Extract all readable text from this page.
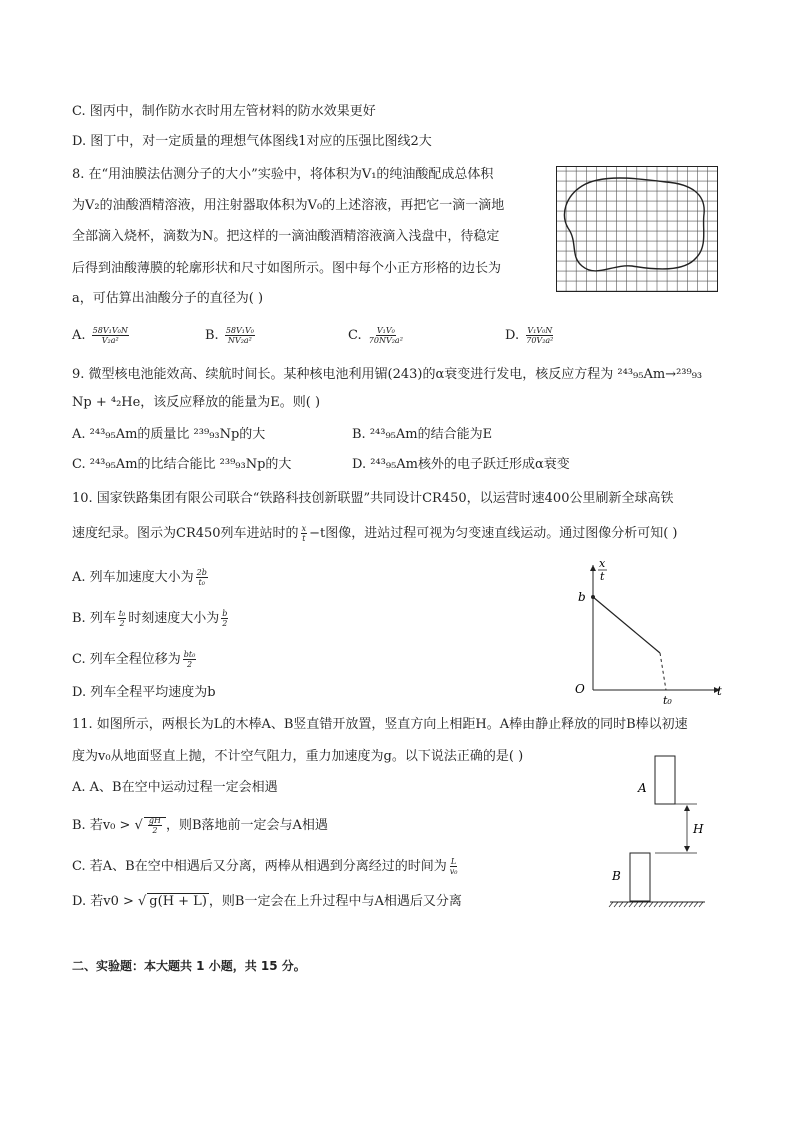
C. 图丙中，制作防水衣时用左管材料的防水效果更好
D. 图丁中，对一定质量的理想气体图线1对应的压强比图线2大
8. 在“用油膜法估测分子的大小”实验中，将体积为V₁的纯油酸配成总体积
为V₂的油酸酒精溶液，用注射器取体积为V₀的上述溶液，再把它一滴一滴地
全部滴入烧杯，滴数为N。把这样的一滴油酸酒精溶液滴入浅盘中，待稳定
后得到油酸薄膜的轮廓形状和尺寸如图所示。图中每个小正方形格的边长为
a，可估算出油酸分子的直径为( )
A. $\frac{\text{58V₁V₀N}}{\text{V₂a²}}$	B. $\frac{\text{58V₁V₀}}{\text{NV₂a²}}$	C. $\frac{\text{V₁V₀}}{\text{70NV₂a²}}$	D. $\frac{\text{V₁V₀N}}{\text{70V₂a²}}$
9. 微型核电池能效高、续航时间长。某种核电池利用镅(243)的α衰变进行发电，核反应方程为 ²⁴³₉₅Am→²³⁹₉₃
Np + ⁴₂He，该反应释放的能量为E。则( )
A. ²⁴³₉₅Am的质量比 ²³⁹₉₃Np的大	B. ²⁴³₉₅Am的结合能为E
C. ²⁴³₉₅Am的比结合能比 ²³⁹₉₃Np的大	D. ²⁴³₉₅Am核外的电子跃迁形成α衰变
10. 国家铁路集团有限公司联合“铁路科技创新联盟”共同设计CR450，以运营时速400公里刷新全球高铁
速度纪录。图示为CR450列车进站时的 $\frac{x}{t} -t$图像，进站过程可视为匀变速直线运动。通过图像分析可知( )
A. 列车加速度大小为 $\frac{2b}{\text{t₀}}$
B. 列车 $\frac{\text{t₀}}{2}$ 时刻速度大小为 $\frac{b}{2}$
C. 列车全程位移为 $\frac{\text{bt₀}}{2}$
D. 列车全程平均速度为b
x
t
b
O
t₀
t
11. 如图所示，两根长为L的木棒A、B竖直错开放置，竖直方向上相距H。A棒由静止释放的同时B棒以初速
度为v₀从地面竖直上抛，不计空气阻力，重力加速度为g。以下说法正确的是( )
A. A、B在空中运动过程一定会相遇
B. 若v₀ > √ $\frac{gH}{2}$ ，则B落地前一定会与A相遇
C. 若A、B在空中相遇后又分离，两棒从相遇到分离经过的时间为 $\frac{L}{\text{v₀}}$
D. 若v0 > √ g(H + L) ，则B一定会在上升过程中与A相遇后又分离
A
H
B
二、实验题：本大题共 1 小题，共 15 分。
